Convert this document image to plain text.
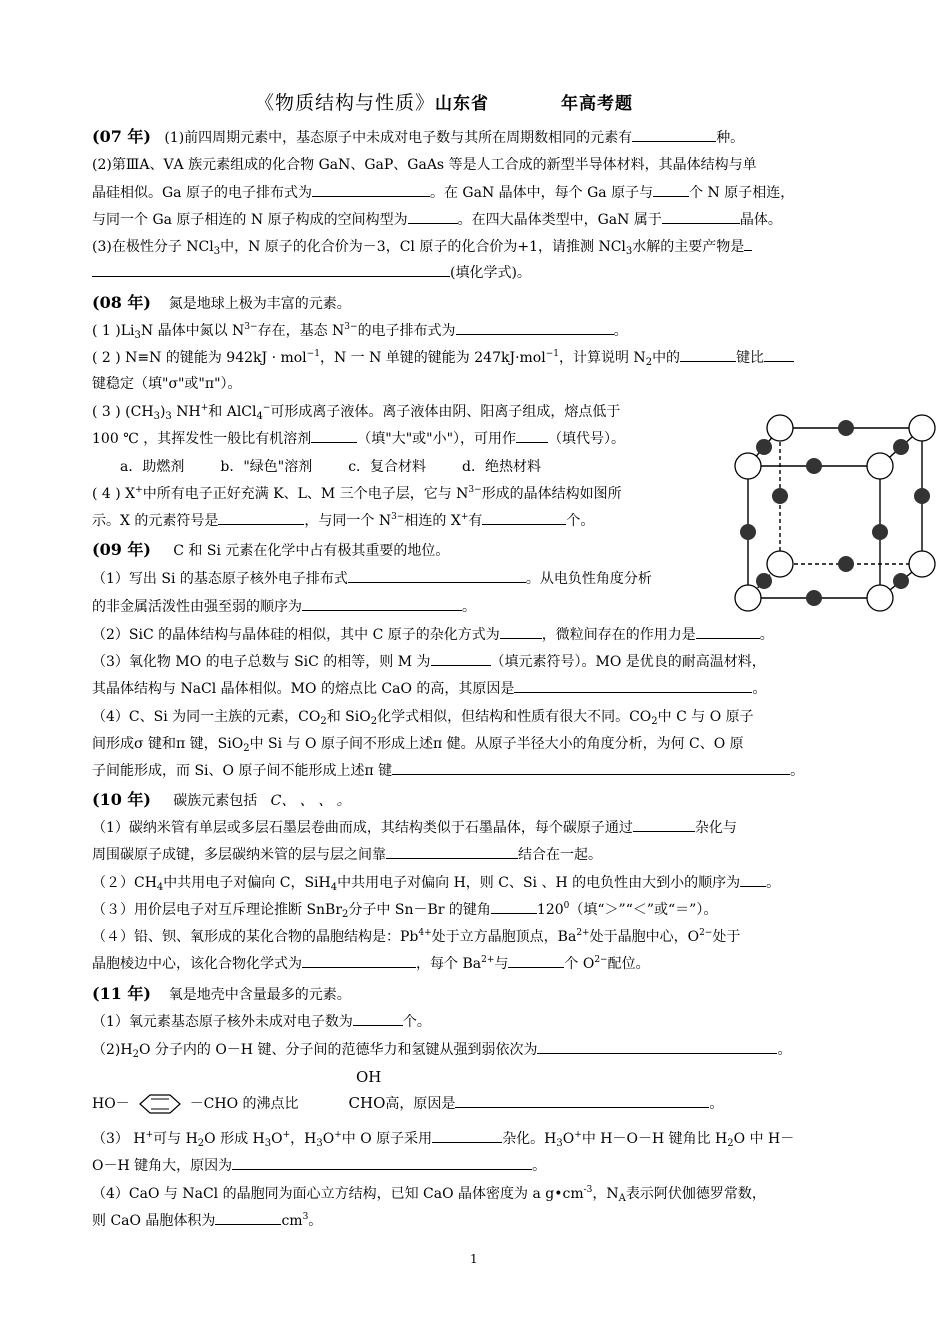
《物质结构与性质》山东省	年高考题
(07 年) (1)前四周期元素中，基态原子中未成对电子数与其所在周期数相同的元素有	种。
(2)第ⅢA、ⅤA 族元素组成的化合物 GaN、GaP、GaAs 等是人工合成的新型半导体材料，其晶体结构与单
晶硅相似。Ga 原子的电子排布式为	。在 GaN 晶体中，每个 Ga 原子与	个 N 原子相连，
与同一个 Ga 原子相连的 N 原子构成的空间构型为	。在四大晶体类型中，GaN 属于	晶体。
(3)在极性分子 NCl$_3$中，N 原子的化合价为－3，Cl 原子的化合价为+1，请推测 NCl$_3$水解的主要产物是
(填化学式)。
(08 年) 氮是地球上极为丰富的元素。
( 1 )$Li_3N$ 晶体中氮以 $N^{3-}$存在，基态 $N^{3-}$的电子排布式为	。
( 2 ) N≡N 的键能为 942kJ · mol$^{-1}$，N 一 N 单键的键能为 247kJ·mol$^{-1}$，计算说明 $N_2$中的	键比
键稳定（填"σ"或"π"）。
( 3 ) $(CH_3)_3$ NH+和 AlCl$_4$−可形成离子液体。离子液体由阴、阳离子组成，熔点低于
100 ℃ ，其挥发性一般比有机溶剂	（填"大"或"小"），可用作 （填代号）。
a．助燃剂	b．"绿色"溶剂	c．复合材料	d．绝热材料
( 4 ) X+中所有电子正好充满 K、L、M 三个电子层，它与 $N^{3-}$形成的晶体结构如图所
示。X 的元素符号是	，与同一个 $N^{3-}$相连的 X+有	个。
(09 年) C 和 Si 元素在化学中占有极其重要的地位。
（1）写出 Si 的基态原子核外电子排布式	。从电负性角度分析
的非金属活泼性由强至弱的顺序为	。
（2）SiC 的晶体结构与晶体硅的相似，其中 C 原子的杂化方式为	，微粒间存在的作用力是	。
（3）氧化物 MO 的电子总数与 SiC 的相等，则 M 为	（填元素符号）。MO 是优良的耐高温材料，
其晶体结构与 NaCl 晶体相似。MO 的熔点比 CaO 的高，其原因是	。
（4）C、Si 为同一主族的元素，$CO_2$和 SiO$_2$化学式相似，但结构和性质有很大不同。$CO_2$中 C 与 O 原子
间形成σ 键和π 键，SiO$_2$中 Si 与 O 原子间不形成上述π 健。从原子半径大小的角度分析，为何 C、O 原
子间能形成，而 Si、O 原子间不能形成上述π 键	。
(10 年) 碳族元素包括 C、 、 、 。
（1）碳纳米管有单层或多层石墨层卷曲而成，其结构类似于石墨晶体，每个碳原子通过	杂化与
周围碳原子成键，多层碳纳米管的层与层之间靠	结合在一起。
$(2)CH_4$中共用电子对偏向 C，SiH$_4$中共用电子对偏向 H，则 C、Si 、H 的电负性由大到小的顺序为 。
（３）用价层电子对互斥理论推断 SnBr$_2$分子中 Sn－Br 的键角	$120^0$（填“＞”“＜”或“＝”）。
（４）铅、钡、氧形成的某化合物的晶胞结构是：$Pb^{4+}$处于立方晶胞顶点，$Ba^{2+}$处于晶胞中心，$O^{2-}$处于
晶胞棱边中心，该化合物化学式为	，每个 $Ba^{2+}$与	个 $O^{2-}$配位。
(11 年) 氧是地壳中含量最多的元素。
（1）氧元素基态原子核外未成对电子数为	个。
$(2)H_2O$ 分子内的 O－H 键、分子间的范德华力和氢键从强到弱依次为	。
OH
HO－	－CHO 的沸点比	CHO高，原因是	。
（3） H+可与 $H_2O$ 形成 $H_3O^+$，$H_3O^+$中 O 原子采用	杂化。$H_3O^+$中 H－O－H 键角比 $H_2O$ 中 H－
O－H 键角大，原因为	。
（4）CaO 与 NaCl 的晶胞同为面心立方结构，已知 CaO 晶体密度为 a $g•cm^{-3}$，$N_A$表示阿伏伽德罗常数，
则 CaO 晶胞体积为	$cm^3$。
1
